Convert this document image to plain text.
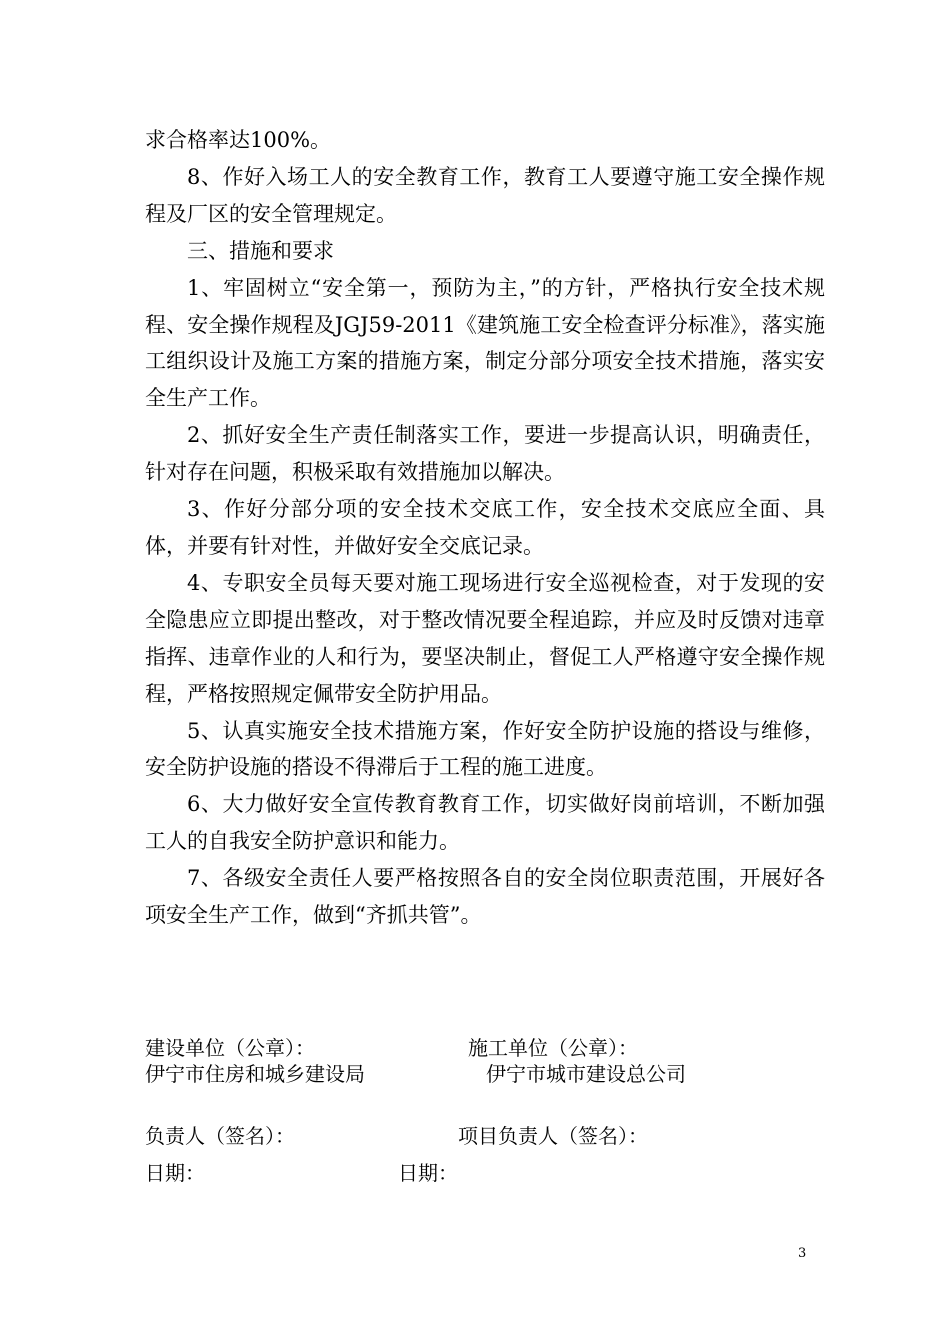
求合格率达100%。

8、作好入场工人的安全教育工作，教育工人要遵守施工安全操作规程及厂区的安全管理规定。

三、措施和要求

1、牢固树立“安全第一，预防为主，”的方针，严格执行安全技术规程、安全操作规程及JGJ59-2011《建筑施工安全检查评分标准》，落实施工组织设计及施工方案的措施方案，制定分部分项安全技术措施，落实安全生产工作。

2、抓好安全生产责任制落实工作，要进一步提高认识，明确责任，针对存在问题，积极采取有效措施加以解决。

3、作好分部分项的安全技术交底工作，安全技术交底应全面、具体，并要有针对性，并做好安全交底记录。

4、专职安全员每天要对施工现场进行安全巡视检查，对于发现的安全隐患应立即提出整改，对于整改情况要全程追踪，并应及时反馈对违章指挥、违章作业的人和行为，要坚决制止，督促工人严格遵守安全操作规程，严格按照规定佩带安全防护用品。

5、认真实施安全技术措施方案，作好安全防护设施的搭设与维修，安全防护设施的搭设不得滞后于工程的施工进度。

6、大力做好安全宣传教育教育工作，切实做好岗前培训，不断加强工人的自我安全防护意识和能力。

7、各级安全责任人要严格按照各自的安全岗位职责范围，开展好各项安全生产工作，做到“齐抓共管”。

建设单位（公章）：	施工单位（公章）：
伊宁市住房和城乡建设局	伊宁市城市建设总公司
负责人（签名）：	项目负责人（签名）：
日期：	日期：
3
